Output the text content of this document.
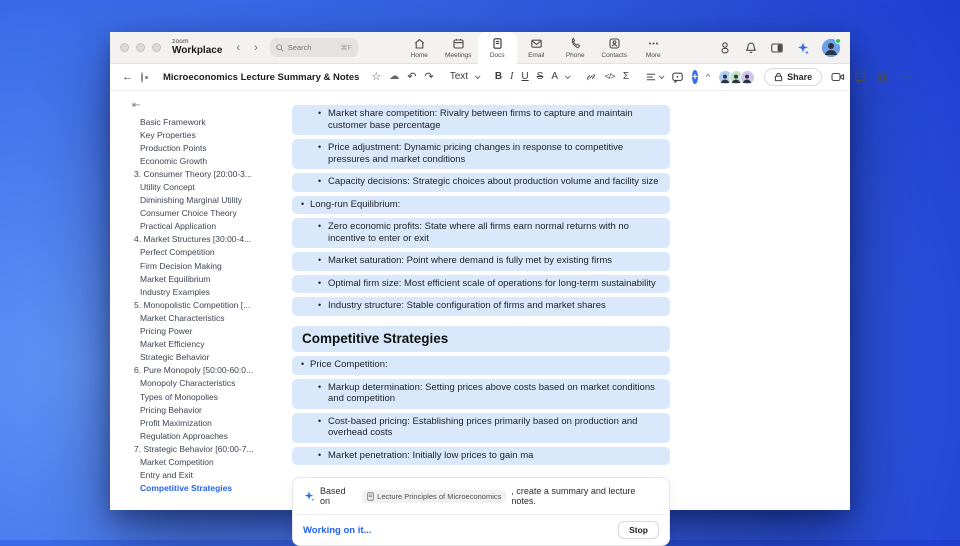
zoom
Workplace ‹ ›
Search	⌘F
Home	Meetings	Docs	Email	Phone	Contacts	More
←	Microeconomics Lecture Summary & Notes ☆ ☁ ↶ ↷ Text
	B I U S A
	</> Σ	+ ^	Share	···
⇤
Basic Framework
Key Properties
Production Points
Economic Growth
3. Consumer Theory [20:00-3...
Utility Concept
Diminishing Marginal Utility
Consumer Choice Theory
Practical Application
4. Market Structures [30:00-4...
Perfect Competition
Firm Decision Making
Market Equilibrium
Industry Examples
5. Monopolistic Competition [...
Market Characteristics
Pricing Power
Market Efficiency
Strategic Behavior
6. Pure Monopoly [50:00-60:0...
Monopoly Characteristics
Types of Monopolies
Pricing Behavior
Profit Maximization
Regulation Approaches
7. Strategic Behavior [60:00-7...
Market Competition
Entry and Exit
Competitive Strategies
• Market share competition: Rivalry between firms to capture and maintain customer base percentage
• Price adjustment: Dynamic pricing changes in response to competitive pressures and market conditions
• Capacity decisions: Strategic choices about production volume and facility size
• Long-run Equilibrium:
• Zero economic profits: State where all firms earn normal returns with no incentive to enter or exit
• Market saturation: Point where demand is fully met by existing firms
• Optimal firm size: Most efficient scale of operations for long-term sustainability
• Industry structure: Stable configuration of firms and market shares
Competitive Strategies
• Price Competition:
• Markup determination: Setting prices above costs based on market conditions and competition
• Cost-based pricing: Establishing prices primarily based on production and overhead costs
• Market penetration: Initially low prices to gain ma
Based on	Lecture Principles of Microeconomics , create a summary and lecture notes.
Working on it...	Stop
